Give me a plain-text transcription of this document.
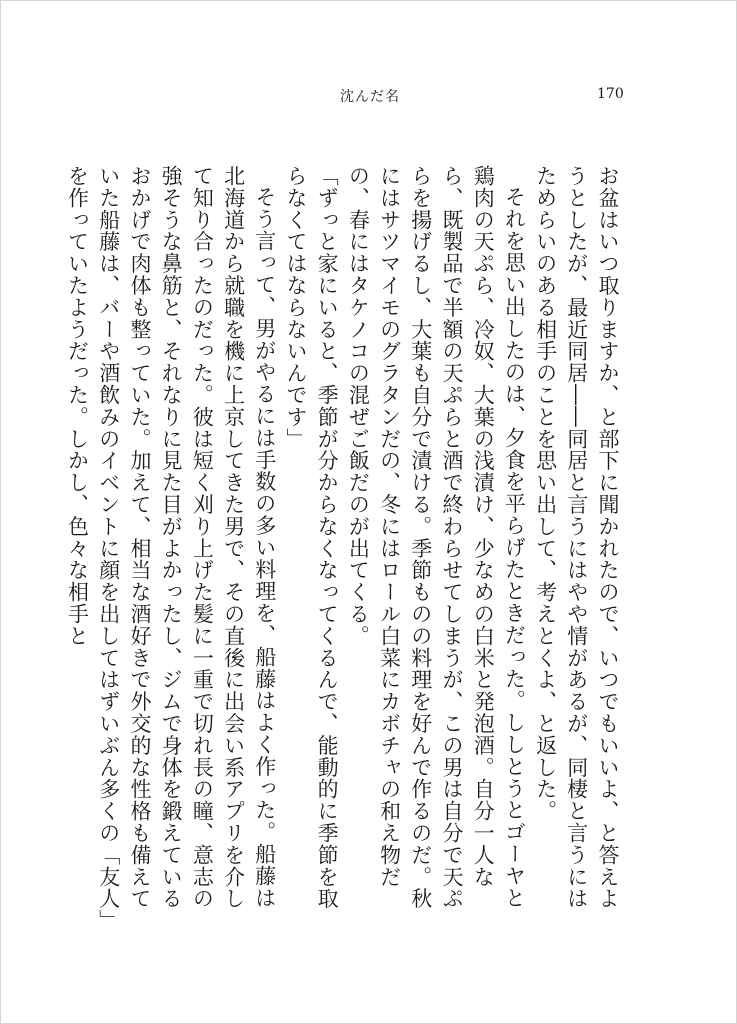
沈んだ名	170

お盆はいつ取りますか、と部下に聞かれたので、いつでもいいよ、と答えようとしたが、最近同居――同居と言うにはやや情があるが、同棲と言うにはためらいのある相手のことを思い出して、考えとくよ、と返した。

それを思い出したのは、夕食を平らげたときだった。ししとうとゴーヤと鶏肉の天ぷら、冷奴、大葉の浅漬け、少なめの白米と発泡酒。自分一人なら、既製品で半額の天ぷらと酒で終わらせてしまうが、この男は自分で天ぷらを揚げるし、大葉も自分で漬ける。季節ものの料理を好んで作るのだ。秋にはサツマイモのグラタンだの、冬にはロール白菜にカボチャの和え物だの、春にはタケノコの混ぜご飯だのが出てくる。

「ずっと家にいると、季節が分からなくなってくるんで、能動的に季節を取らなくてはならないんです」

そう言って、男がやるには手数の多い料理を、船藤はよく作った。船藤は北海道から就職を機に上京してきた男で、その直後に出会い系アプリを介して知り合ったのだった。彼は短く刈り上げた髪に一重で切れ長の瞳、意志の強そうな鼻筋と、それなりに見た目がよかったし、ジムで身体を鍛えているおかげで肉体も整っていた。加えて、相当な酒好きで外交的な性格も備えていた船藤は、バーや酒飲みのイベントに顔を出してはずいぶん多くの「友人」を作っていたようだった。しかし、色々な相手と
